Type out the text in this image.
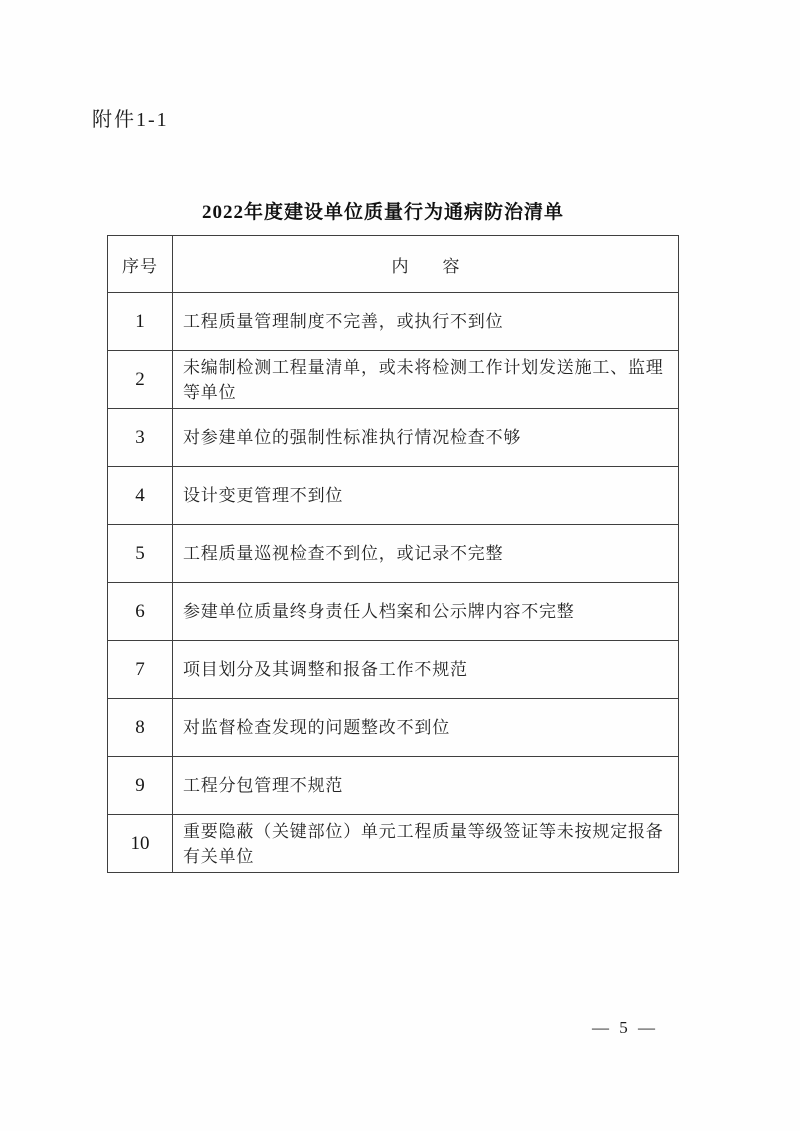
附件1-1
2022年度建设单位质量行为通病防治清单
序号	内　　容
1	工程质量管理制度不完善，或执行不到位
2	未编制检测工程量清单，或未将检测工作计划发送施工、监理等单位
3	对参建单位的强制性标准执行情况检查不够
4	设计变更管理不到位
5	工程质量巡视检查不到位，或记录不完整
6	参建单位质量终身责任人档案和公示牌内容不完整
7	项目划分及其调整和报备工作不规范
8	对监督检查发现的问题整改不到位
9	工程分包管理不规范
10	重要隐蔽（关键部位）单元工程质量等级签证等未按规定报备有关单位
— 5 —
